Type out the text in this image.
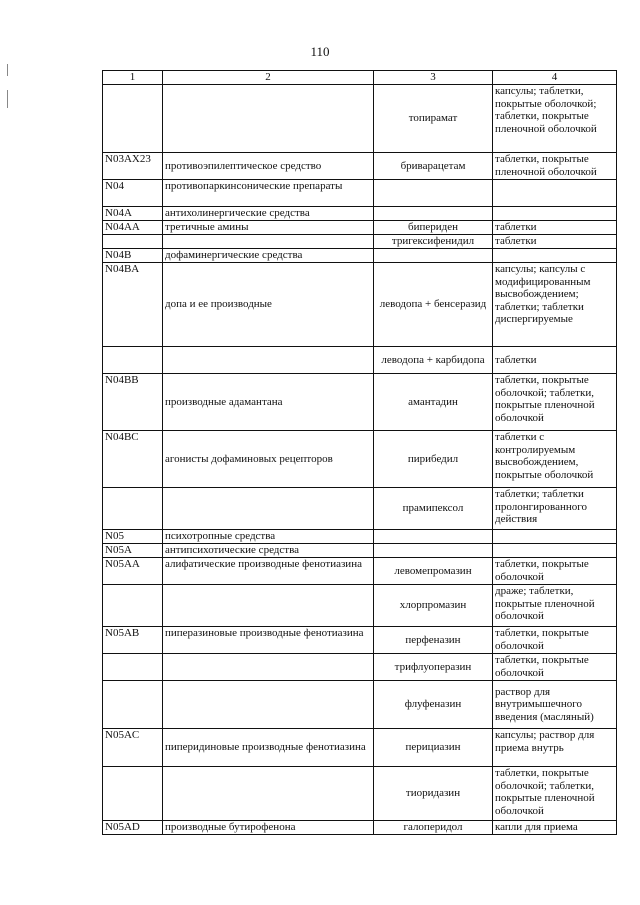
110
1	2	3	4
		топирамат	капсулы; таблетки, покрытые оболочкой; таблетки, покрытые пленочной оболочкой
N03AX23	противоэпилептическое средство	бриварацетам	таблетки, покрытые пленочной оболочкой
N04	противопаркинсонические препараты		
N04A	антихолинергические средства		
N04AA	третичные амины	бипериден	таблетки
		тригексифенидил	таблетки
N04B	дофаминергические средства		
N04BA	допа и ее производные	леводопа + бенсеразид	капсулы; капсулы с модифицированным высвобождением; таблетки; таблетки диспергируемые
		леводопа + карбидопа	таблетки
N04BB	производные адамантана	амантадин	таблетки, покрытые оболочкой; таблетки, покрытые пленочной оболочкой
N04BC	агонисты дофаминовых рецепторов	пирибедил	таблетки с контролируемым высвобождением, покрытые оболочкой
		прамипексол	таблетки; таблетки пролонгированного действия
N05	психотропные средства		
N05A	антипсихотические средства		
N05AA	алифатические производные фенотиазина	левомепромазин	таблетки, покрытые оболочкой
		хлорпромазин	драже; таблетки, покрытые пленочной оболочкой
N05AB	пиперазиновые производные фенотиазина	перфеназин	таблетки, покрытые оболочкой
		трифлуоперазин	таблетки, покрытые оболочкой
		флуфеназин	раствор для внутримышечного введения (масляный)
N05AC	пиперидиновые производные фенотиазина	перициазин	капсулы; раствор для приема внутрь
		тиоридазин	таблетки, покрытые оболочкой; таблетки, покрытые пленочной оболочкой
N05AD	производные бутирофенона	галоперидол	капли для приема
